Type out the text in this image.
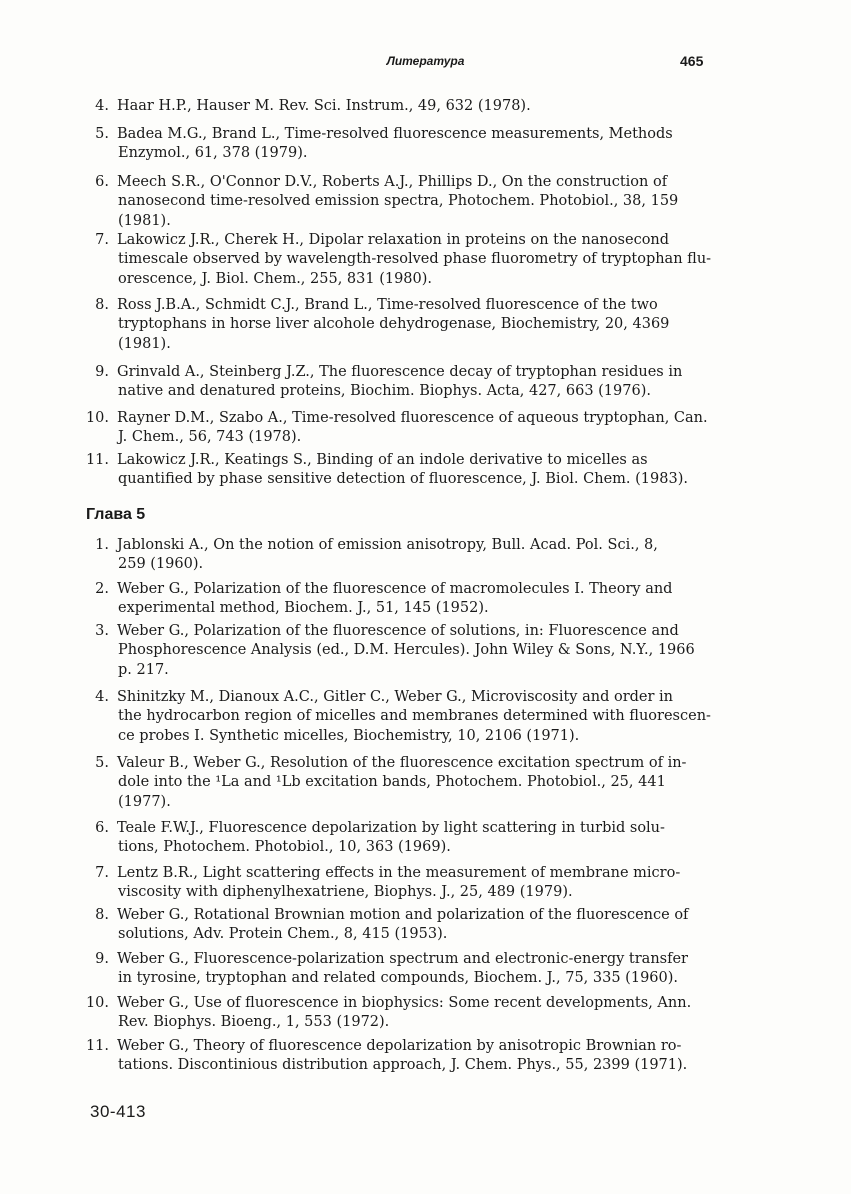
Литература	465
4. Haar H.P., Hauser M. Rev. Sci. Instrum., 49, 632 (1978).
5. Badea M.G., Brand L., Time-resolved fluorescence measurements, Methods
Enzymol., 61, 378 (1979).
6. Meech S.R., O'Connor D.V., Roberts A.J., Phillips D., On the construction of
nanosecond time-resolved emission spectra, Photochem. Photobiol., 38, 159
(1981).
7. Lakowicz J.R., Cherek H., Dipolar relaxation in proteins on the nanosecond
timescale observed by wavelength-resolved phase fluorometry of tryptophan flu-
orescence, J. Biol. Chem., 255, 831 (1980).
8. Ross J.B.A., Schmidt C.J., Brand L., Time-resolved fluorescence of the two
tryptophans in horse liver alcohole dehydrogenase, Biochemistry, 20, 4369
(1981).
9. Grinvald A., Steinberg J.Z., The fluorescence decay of tryptophan residues in
native and denatured proteins, Biochim. Biophys. Acta, 427, 663 (1976).
10. Rayner D.M., Szabo A., Time-resolved fluorescence of aqueous tryptophan, Can.
J. Chem., 56, 743 (1978).
11. Lakowicz J.R., Keatings S., Binding of an indole derivative to micelles as
quantified by phase sensitive detection of fluorescence, J. Biol. Chem. (1983).
Глава 5
1. Jablonski A., On the notion of emission anisotropy, Bull. Acad. Pol. Sci., 8,
259 (1960).
2. Weber G., Polarization of the fluorescence of macromolecules I. Theory and
experimental method, Biochem. J., 51, 145 (1952).
3. Weber G., Polarization of the fluorescence of solutions, in: Fluorescence and
Phosphorescence Analysis (ed., D.M. Hercules). John Wiley & Sons, N.Y., 1966
p. 217.
4. Shinitzky M., Dianoux A.C., Gitler C., Weber G., Microviscosity and order in
the hydrocarbon region of micelles and membranes determined with fluorescen-
ce probes I. Synthetic micelles, Biochemistry, 10, 2106 (1971).
5. Valeur B., Weber G., Resolution of the fluorescence excitation spectrum of in-
dole into the ¹La and ¹Lb excitation bands, Photochem. Photobiol., 25, 441
(1977).
6. Teale F.W.J., Fluorescence depolarization by light scattering in turbid solu-
tions, Photochem. Photobiol., 10, 363 (1969).
7. Lentz B.R., Light scattering effects in the measurement of membrane micro-
viscosity with diphenylhexatriene, Biophys. J., 25, 489 (1979).
8. Weber G., Rotational Brownian motion and polarization of the fluorescence of
solutions, Adv. Protein Chem., 8, 415 (1953).
9. Weber G., Fluorescence-polarization spectrum and electronic-energy transfer
in tyrosine, tryptophan and related compounds, Biochem. J., 75, 335 (1960).
10. Weber G., Use of fluorescence in biophysics: Some recent developments, Ann.
Rev. Biophys. Bioeng., 1, 553 (1972).
11. Weber G., Theory of fluorescence depolarization by anisotropic Brownian ro-
tations. Discontinious distribution approach, J. Chem. Phys., 55, 2399 (1971).
30-413
